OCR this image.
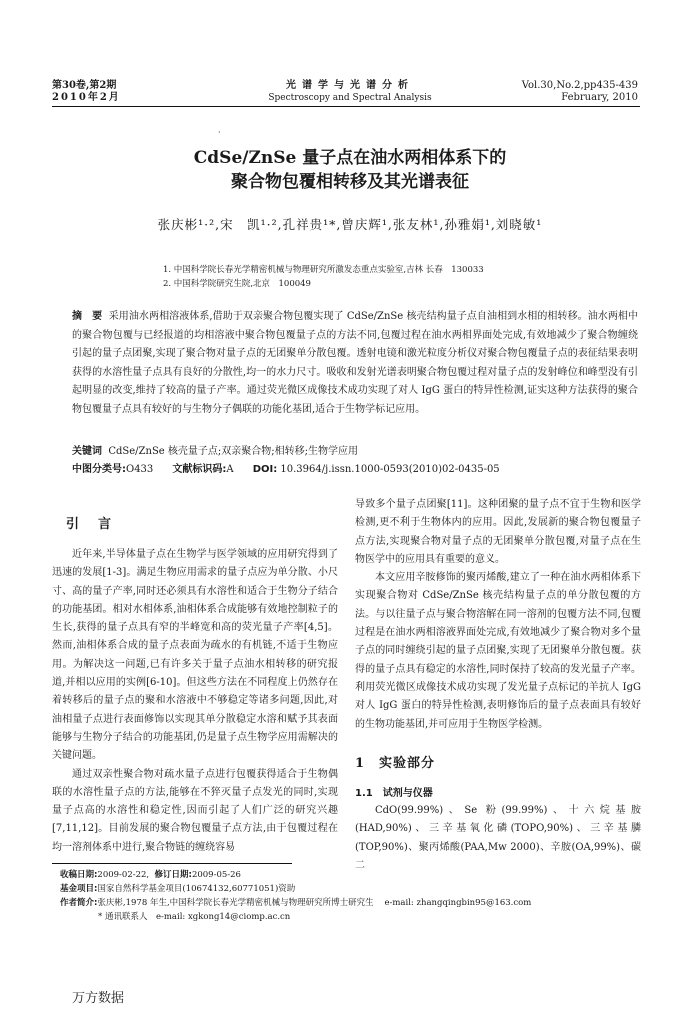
第30卷,第2期
2010年2月
光谱学与光谱分析
Spectroscopy and Spectral Analysis
Vol.30,No.2,pp435-439
February, 2010
·
CdSe/ZnSe 量子点在油水两相体系下的
聚合物包覆相转移及其光谱表征
张庆彬¹·²,宋　凯¹·²,孔祥贵¹*,曾庆辉¹,张友林¹,孙雅娟¹,刘晓敏¹
1. 中国科学院长春光学精密机械与物理研究所激发态重点实验室,吉林 长春　130033
2. 中国科学院研究生院,北京　100049
摘　要 采用油水两相溶液体系,借助于双亲聚合物包覆实现了 CdSe/ZnSe 核壳结构量子点自油相到水相的相转移。油水两相中的聚合物包覆与已经报道的均相溶液中聚合物包覆量子点的方法不同,包覆过程在油水两相界面处完成,有效地减少了聚合物缠绕引起的量子点团聚,实现了聚合物对量子点的无团聚单分散包覆。透射电镜和激光粒度分析仪对聚合物包覆量子点的表征结果表明获得的水溶性量子点具有良好的分散性,均一的水力尺寸。吸收和发射光谱表明聚合物包覆过程对量子点的发射峰位和峰型没有引起明显的改变,维持了较高的量子产率。通过荧光微区成像技术成功实现了对人 IgG 蛋白的特异性检测,证实这种方法获得的聚合物包覆量子点具有较好的与生物分子偶联的功能化基团,适合于生物学标记应用。
关键词 CdSe/ZnSe 核壳量子点;双亲聚合物;相转移;生物学应用
中图分类号:O433 文献标识码:A DOI: 10.3964/j.issn.1000-0593(2010)02-0435-05
引　言

近年来,半导体量子点在生物学与医学领域的应用研究得到了迅速的发展[1-3]。满足生物应用需求的量子点应为单分散、小尺寸、高的量子产率,同时还必须具有水溶性和适合于生物分子结合的功能基团。相对水相体系,油相体系合成能够有效地控制粒子的生长,获得的量子点具有窄的半峰宽和高的荧光量子产率[4,5]。然而,油相体系合成的量子点表面为疏水的有机链,不适于生物应用。为解决这一问题,已有许多关于量子点油水相转移的研究报道,并相以应用的实例[6-10]。但这些方法在不同程度上仍然存在着转移后的量子点的聚和水溶液中不够稳定等诸多问题,因此,对油相量子点进行表面修饰以实现其单分散稳定水溶和赋予其表面能够与生物分子结合的功能基团,仍是量子点生物学应用需解决的关键问题。

通过双亲性聚合物对疏水量子点进行包覆获得适合于生物偶联的水溶性量子点的方法,能够在不猝灭量子点发光的同时,实现量子点高的水溶性和稳定性,因而引起了人们广泛的研究兴趣[7,11,12]。目前发展的聚合物包覆量子点方法,由于包覆过程在均一溶剂体系中进行,聚合物链的缠绕容易

导致多个量子点团聚[11]。这种团聚的量子点不宜于生物和医学检测,更不利于生物体内的应用。因此,发展新的聚合物包覆量子点方法,实现聚合物对量子点的无团聚单分散包覆,对量子点在生物医学中的应用具有重要的意义。

本文应用辛胺修饰的聚丙烯酸,建立了一种在油水两相体系下实现聚合物对 CdSe/ZnSe 核壳结构量子点的单分散包覆的方法。与以往量子点与聚合物溶解在同一溶剂的包覆方法不同,包覆过程是在油水两相溶液界面处完成,有效地减少了聚合物对多个量子点的同时缠绕引起的量子点团聚,实现了无团聚单分散包覆。获得的量子点具有稳定的水溶性,同时保持了较高的发光量子产率。利用荧光微区成像技术成功实现了发光量子点标记的羊抗人 IgG 对人 IgG 蛋白的特异性检测,表明修饰后的量子点表面具有较好的生物功能基团,并可应用于生物医学检测。

1　实验部分
1.1　试剂与仪器

CdO(99.99%)、Se 粉(99.99%)、十六烷基胺(HAD,90%)、三辛基氧化磷(TOPO,90%)、三辛基膦(TOP,90%)、聚丙烯酸(PAA,Mw 2000)、辛胺(OA,99%)、碳二

收稿日期:2009-02-22, 修订日期:2009-05-26
基金项目:国家自然科学基金项目(10674132,60771051)资助
作者简介:张庆彬,1978 年生,中国科学院长春光学精密机械与物理研究所博士研究生 e-mail: zhangqingbin95@163.com
* 通讯联系人　e-mail: xgkong14@ciomp.ac.cn
万方数据
